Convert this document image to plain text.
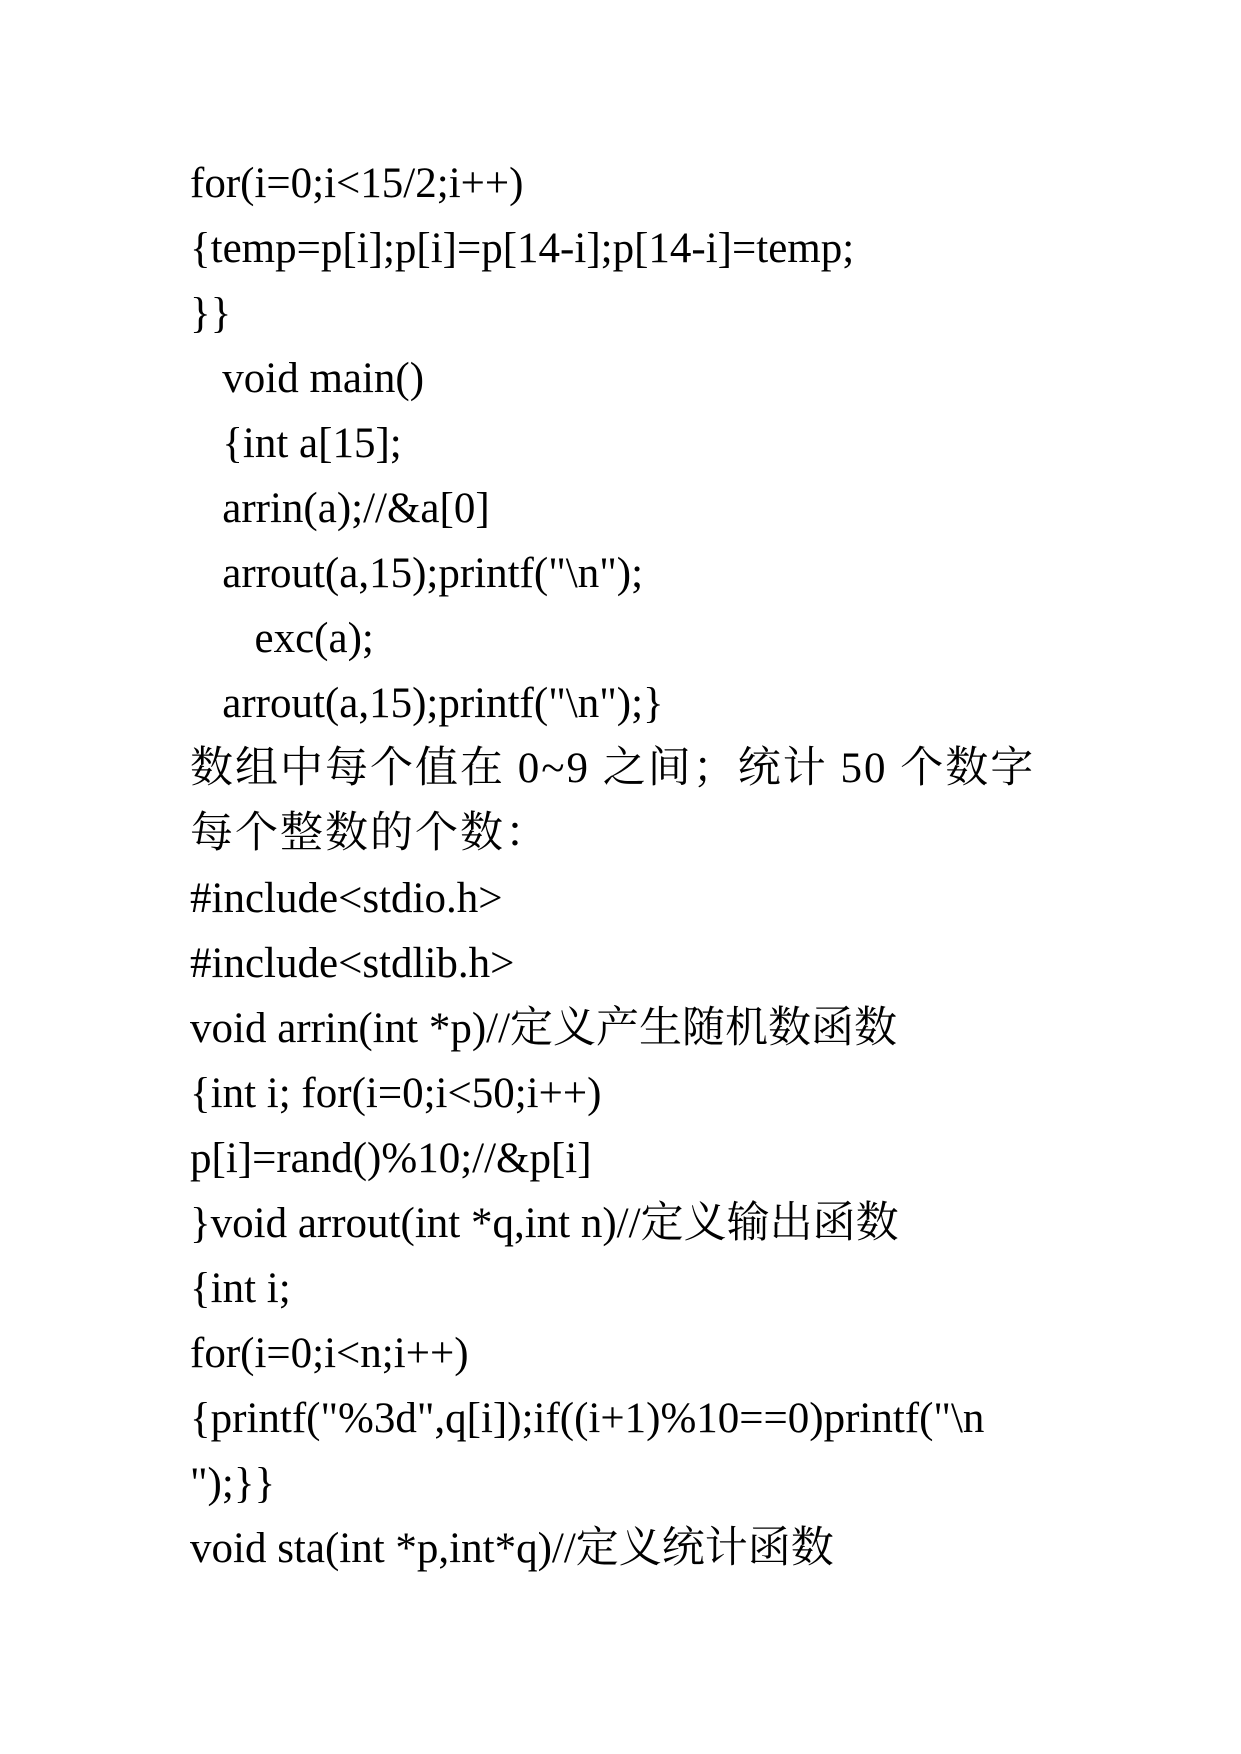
for(i=0;i<15/2;i++)
{temp=p[i];p[i]=p[14-i];p[14-i]=temp;
}}
void main()
{int a[15];
arrin(a);//&a[0]
arrout(a,15);printf("\n");
exc(a);
arrout(a,15);printf("\n");}
数组中每个值在 0~9 之间；统计 50 个数字
每个整数的个数：
#include<stdio.h>
#include<stdlib.h>
void arrin(int *p)//定义产生随机数函数
{int i; for(i=0;i<50;i++)
p[i]=rand()%10;//&p[i]
}void arrout(int *q,int n)//定义输出函数
{int i;
for(i=0;i<n;i++)
{printf("%3d",q[i]);if((i+1)%10==0)printf("\n
");}}
void sta(int *p,int*q)//定义统计函数
